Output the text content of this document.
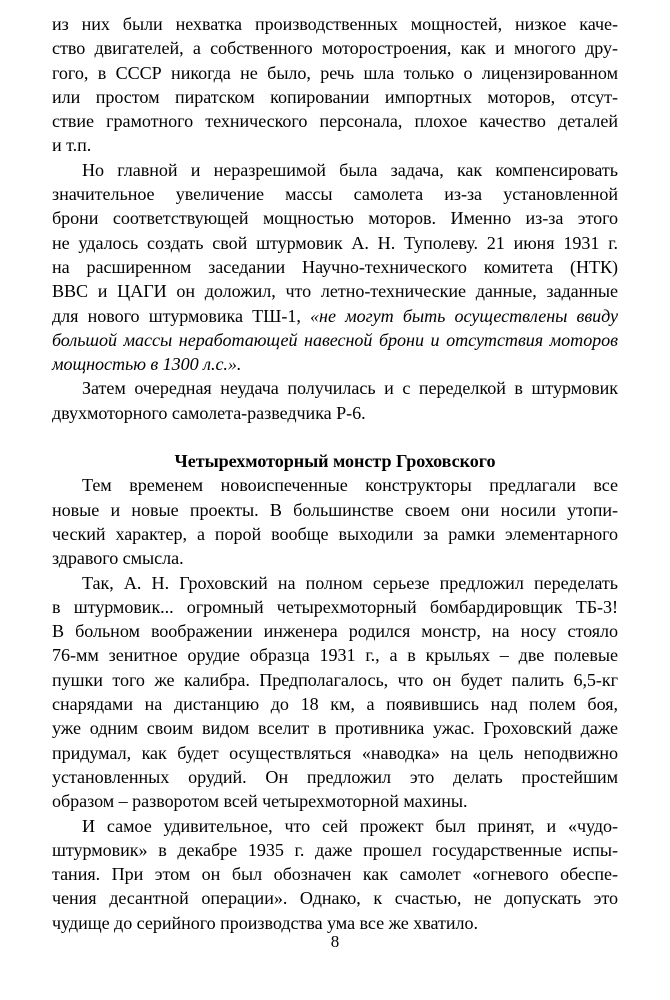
из них были нехватка производственных мощностей, низкое каче-
ство двигателей, а собственного моторостроения, как и многого дру-
гого, в СССР никогда не было, речь шла только о лицензированном
или простом пиратском копировании импортных моторов, отсут-
ствие грамотного технического персонала, плохое качество деталей
и т.п.

Но главной и неразрешимой была задача, как компенсировать
значительное увеличение массы самолета из-за установленной
брони соответствующей мощностью моторов. Именно из-за этого
не удалось создать свой штурмовик А. Н. Туполеву. 21 июня 1931 г.
на расширенном заседании Научно-технического комитета (НТК)
ВВС и ЦАГИ он доложил, что летно-технические данные, заданные
для нового штурмовика ТШ-1, «не могут быть осуществлены ввиду
большой массы неработающей навесной брони и отсутствия моторов
мощностью в 1300 л.с.».

Затем очередная неудача получилась и с переделкой в штурмовик
двухмоторного самолета-разведчика Р-6.

Четырехмоторный монстр Гроховского

Тем временем новоиспеченные конструкторы предлагали все
новые и новые проекты. В большинстве своем они носили утопи-
ческий характер, а порой вообще выходили за рамки элементарного
здравого смысла.

Так, А. Н. Гроховский на полном серьезе предложил переделать
в штурмовик... огромный четырехмоторный бомбардировщик ТБ-3!
В больном воображении инженера родился монстр, на носу стояло
76-мм зенитное орудие образца 1931 г., а в крыльях – две полевые
пушки того же калибра. Предполагалось, что он будет палить 6,5-кг
снарядами на дистанцию до 18 км, а появившись над полем боя,
уже одним своим видом вселит в противника ужас. Гроховский даже
придумал, как будет осуществляться «наводка» на цель неподвижно
установленных орудий. Он предложил это делать простейшим
образом – разворотом всей четырехмоторной махины.

И самое удивительное, что сей прожект был принят, и «чудо-
штурмовик» в декабре 1935 г. даже прошел государственные испы-
тания. При этом он был обозначен как самолет «огневого обеспе-
чения десантной операции». Однако, к счастью, не допускать это
чудище до серийного производства ума все же хватило.

8
